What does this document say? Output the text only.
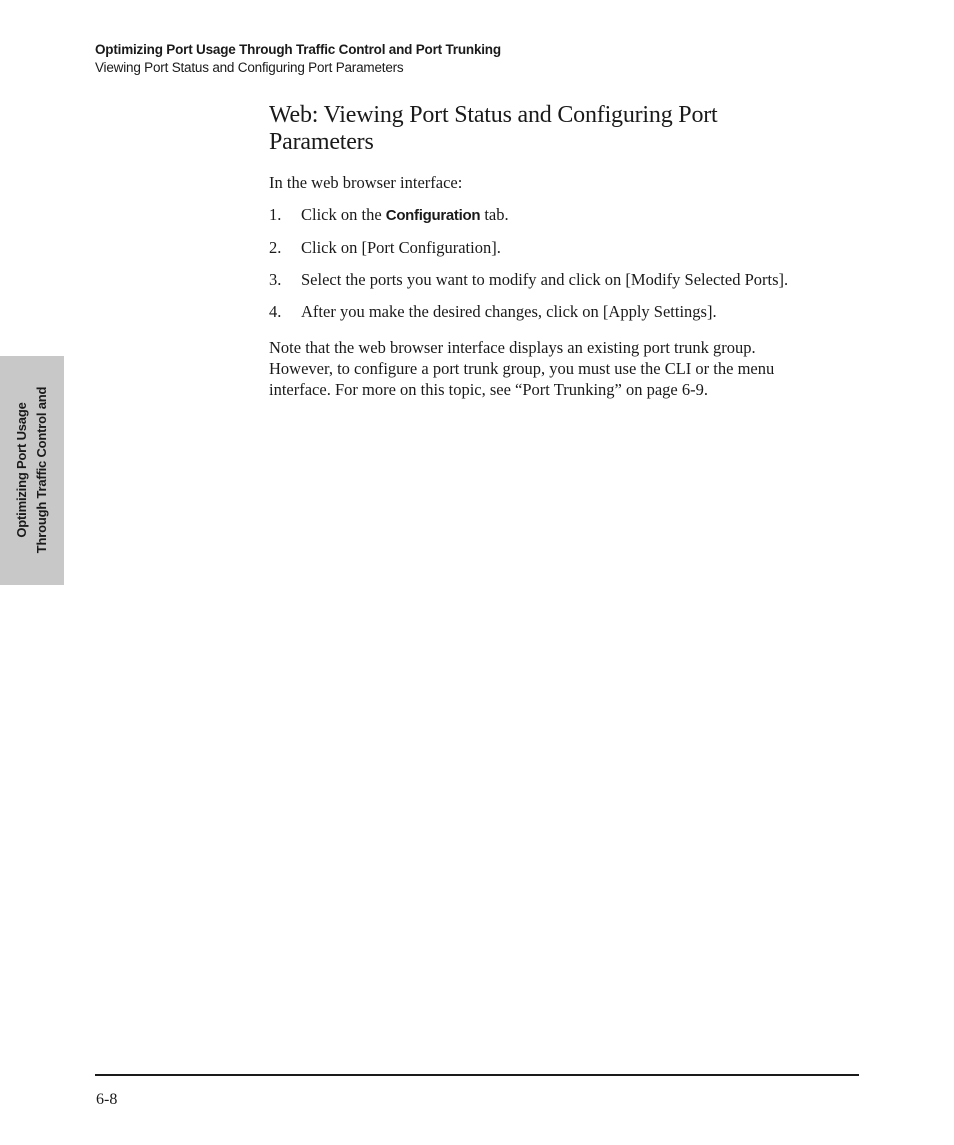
Optimizing Port Usage Through Traffic Control and Port Trunking
Viewing Port Status and Configuring Port Parameters
Optimizing Port Usage Through Traffic Control and
Web: Viewing Port Status and Configuring Port
Parameters

In the web browser interface:

1.	Click on the Configuration tab.
2.	Click on [Port Configuration].
3.	Select the ports you want to modify and click on [Modify Selected Ports].
4.	After you make the desired changes, click on [Apply Settings].

Note that the web browser interface displays an existing port trunk group.
However, to configure a port trunk group, you must use the CLI or the menu
interface. For more on this topic, see “Port Trunking” on page 6-9.

6-8
